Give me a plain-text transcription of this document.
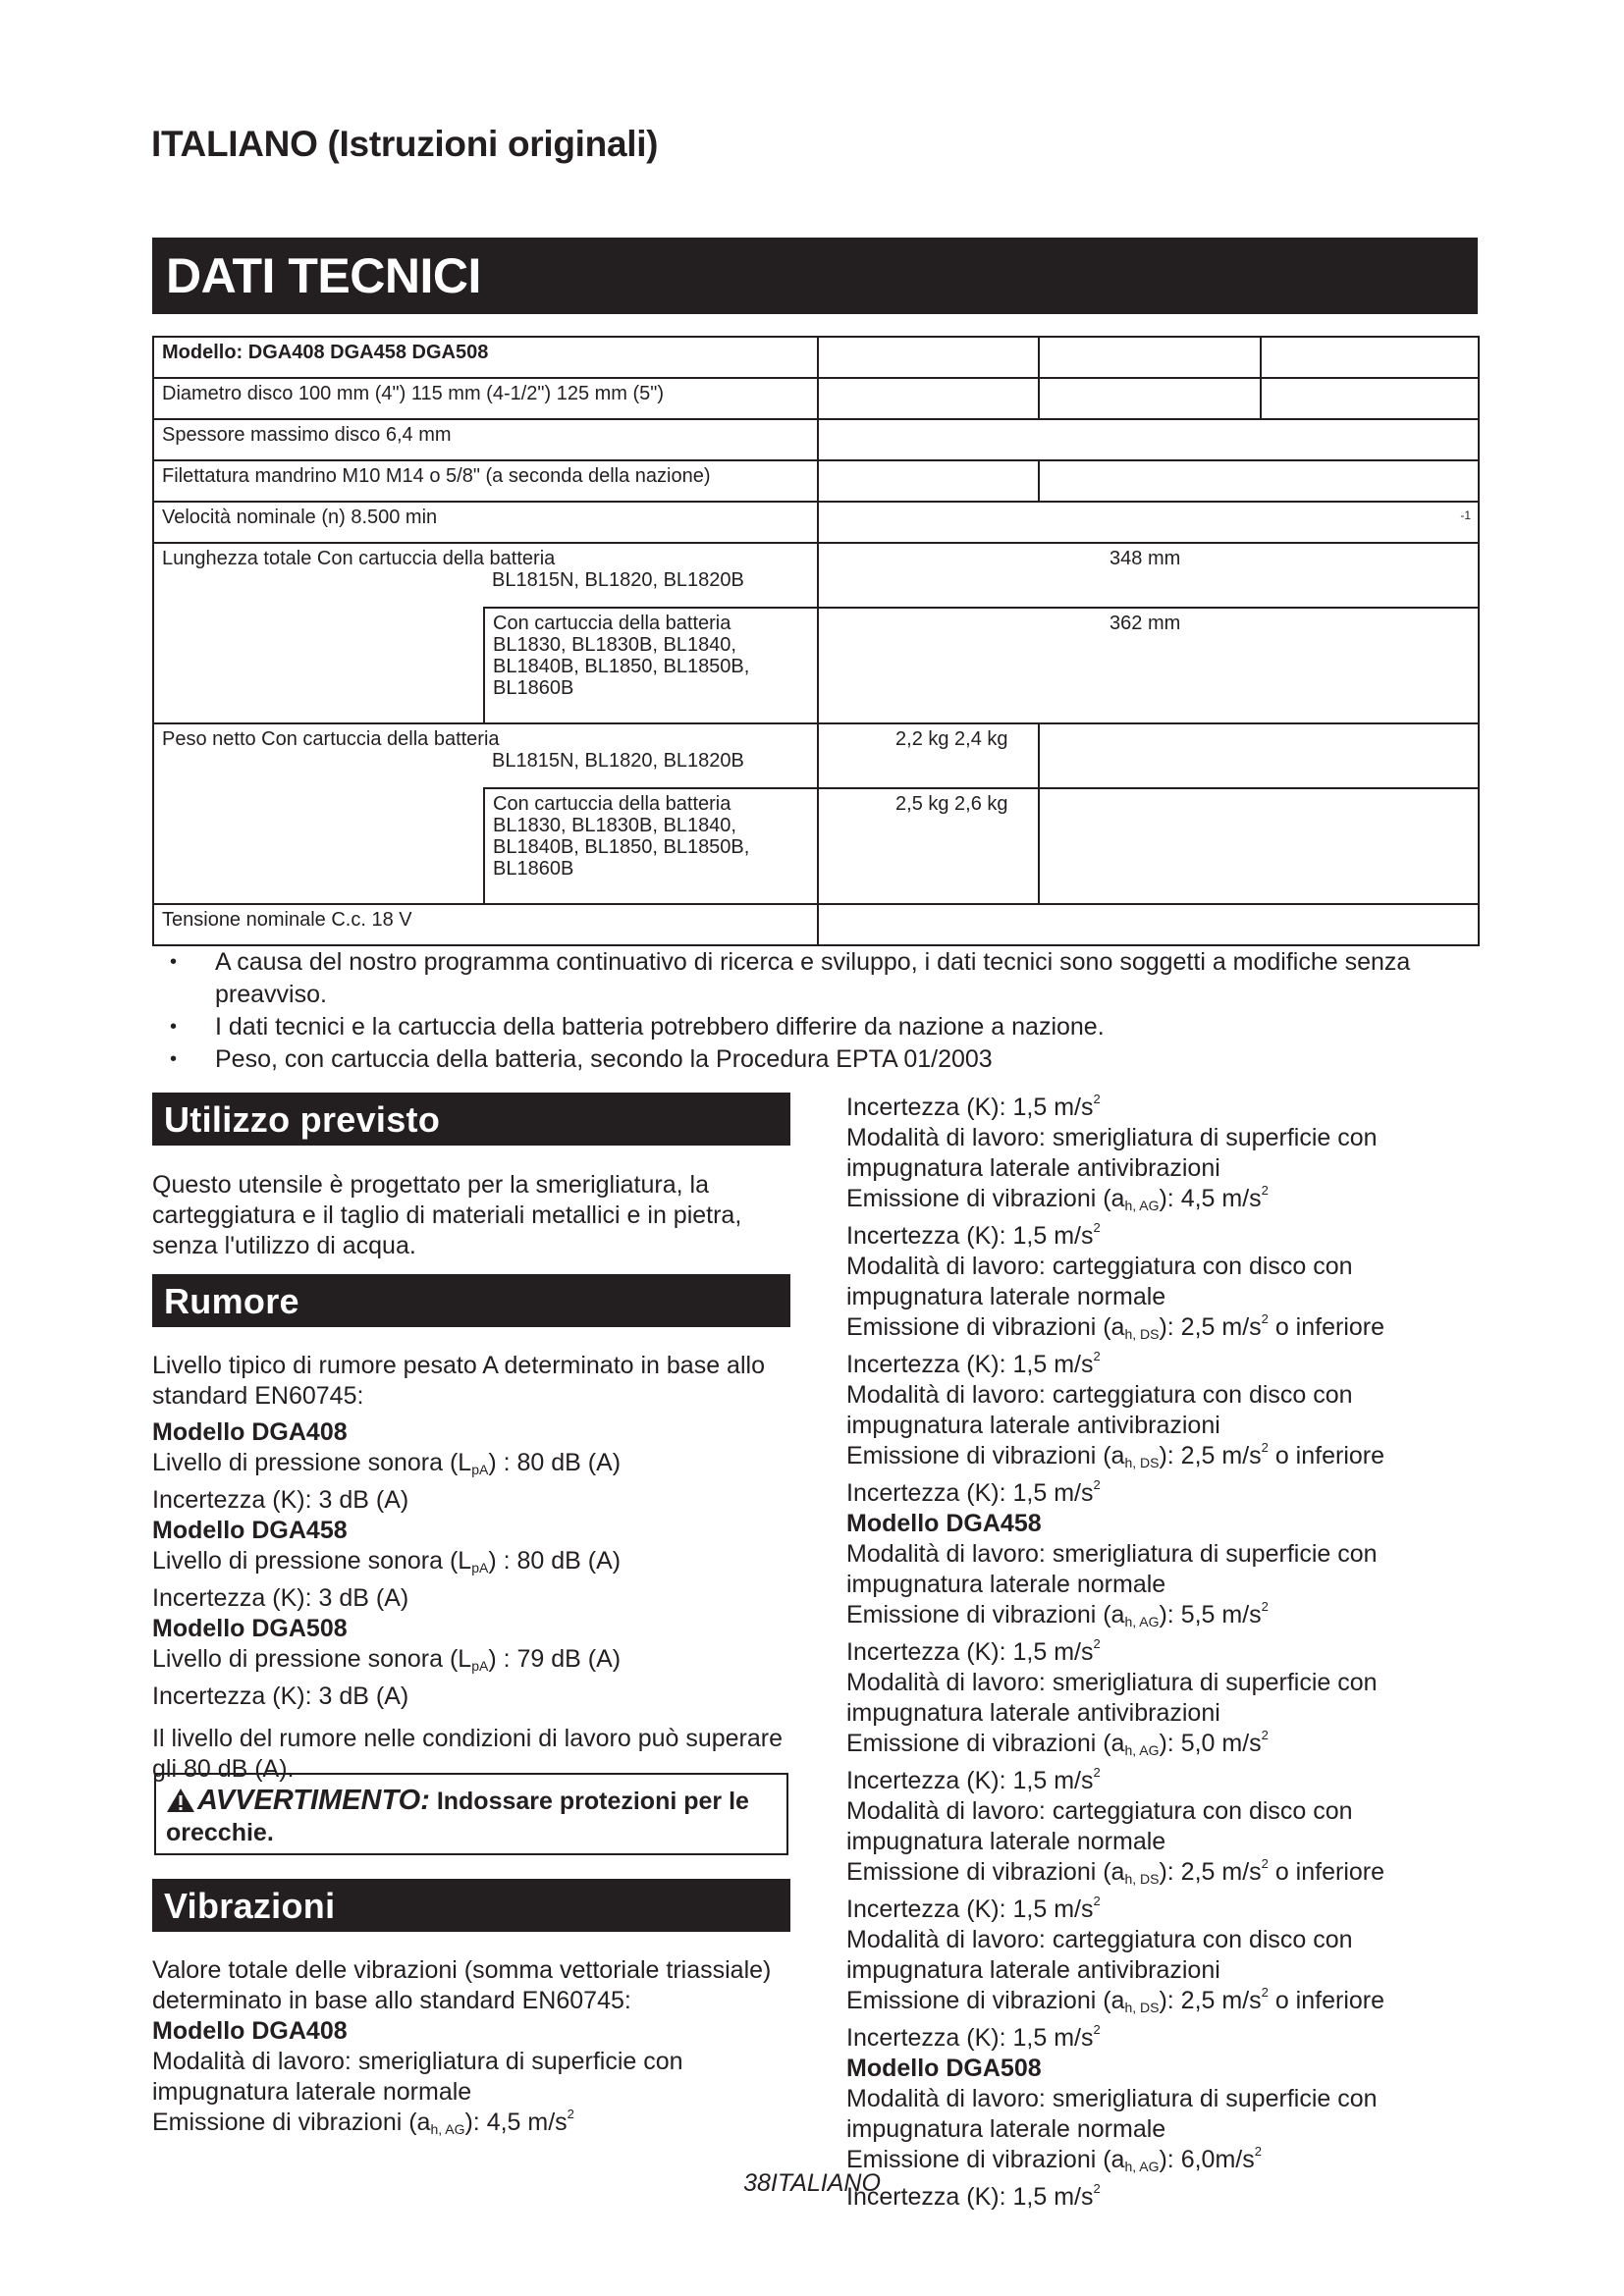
ITALIANO (Istruzioni originali)
DATI TECNICI
Modello: DGA408 DGA458 DGA508				
Diametro disco 100 mm (4") 115 mm (4-1/2") 125 mm (5")				
Spessore massimo disco 6,4 mm				
Filettatura mandrino M10 M14 o 5/8" (a seconda della nazione)				
Velocità nominale (n) 8.500 min		-1		

Lunghezza totale Con cartuccia della batteria
BL1815N, BL1820, BL1820B		348 mm		
	Con cartuccia della batteria BL1830, BL1830B, BL1840, BL1840B, BL1850, BL1850B, BL1860B	362 mm		

Peso netto Con cartuccia della batteria
BL1815N, BL1820, BL1820B		2,2 kg 2,4 kg		
	Con cartuccia della batteria BL1830, BL1830B, BL1840, BL1840B, BL1850, BL1850B, BL1860B	2,5 kg 2,6 kg		
Tensione nominale C.c. 18 V				
• A causa del nostro programma continuativo di ricerca e sviluppo, i dati tecnici sono soggetti a modifiche senza preavviso.
• I dati tecnici e la cartuccia della batteria potrebbero differire da nazione a nazione.
• Peso, con cartuccia della batteria, secondo la Procedura EPTA 01/2003
Utilizzo previsto

Questo utensile è progettato per la smerigliatura, la carteggiatura e il taglio di materiali metallici e in pietra, senza l'utilizzo di acqua.

Rumore

Livello tipico di rumore pesato A determinato in base allo standard EN60745:

Modello DGA408

Livello di pressione sonora $(L_{pA})$ : 80 dB (A)

Incertezza (K): 3 dB (A)

Modello DGA458

Livello di pressione sonora $(L_{pA})$ : 80 dB (A)

Incertezza (K): 3 dB (A)

Modello DGA508

Livello di pressione sonora $(L_{pA})$ : 79 dB (A)

Incertezza (K): 3 dB (A)

Il livello del rumore nelle condizioni di lavoro può superare gli 80 dB (A).

AVVERTIMENTO: Indossare protezioni per le orecchie.
Vibrazioni

Valore totale delle vibrazioni (somma vettoriale triassiale) determinato in base allo standard EN60745:

Modello DGA408

Modalità di lavoro: smerigliatura di superficie con impugnatura laterale normale

Emissione di vibrazioni $(a_{h, AG})$: 4,5 $m/s^2$

Incertezza (K): 1,5 $m/s^2$

Modalità di lavoro: smerigliatura di superficie con impugnatura laterale antivibrazioni

Emissione di vibrazioni $(a_{h, AG})$: 4,5 $m/s^2$

Incertezza (K): 1,5 $m/s^2$

Modalità di lavoro: carteggiatura con disco con impugnatura laterale normale

Emissione di vibrazioni $(a_{h, DS})$: 2,5 $m/s^2$ o inferiore

Incertezza (K): 1,5 $m/s^2$

Modalità di lavoro: carteggiatura con disco con impugnatura laterale antivibrazioni

Emissione di vibrazioni $(a_{h, DS})$: 2,5 $m/s^2$ o inferiore

Incertezza (K): 1,5 $m/s^2$

Modello DGA458

Modalità di lavoro: smerigliatura di superficie con impugnatura laterale normale

Emissione di vibrazioni $(a_{h, AG})$: 5,5 $m/s^2$

Incertezza (K): 1,5 $m/s^2$

Modalità di lavoro: smerigliatura di superficie con impugnatura laterale antivibrazioni

Emissione di vibrazioni $(a_{h, AG})$: 5,0 $m/s^2$

Incertezza (K): 1,5 $m/s^2$

Modalità di lavoro: carteggiatura con disco con impugnatura laterale normale

Emissione di vibrazioni $(a_{h, DS})$: 2,5 $m/s^2$ o inferiore

Incertezza (K): 1,5 $m/s^2$

Modalità di lavoro: carteggiatura con disco con impugnatura laterale antivibrazioni

Emissione di vibrazioni $(a_{h, DS})$: 2,5 $m/s^2$ o inferiore

Incertezza (K): 1,5 $m/s^2$

Modello DGA508

Modalità di lavoro: smerigliatura di superficie con impugnatura laterale normale

Emissione di vibrazioni $(a_{h, AG})$: $6,0m/s^2$

Incertezza (K): 1,5 $m/s^2$

38ITALIANO
